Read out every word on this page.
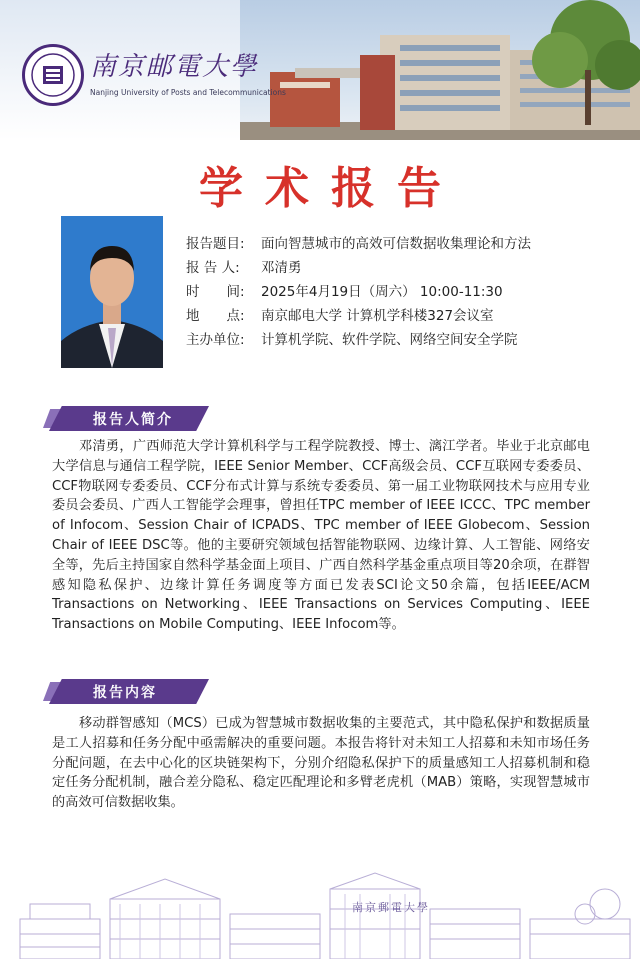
南京邮電大學
Nanjing University of Posts and Telecommunications
学术报告
报告题目:	面向智慧城市的高效可信数据收集理论和方法
报 告 人:	邓清勇
时　　间:	2025年4月19日（周六） 10:00-11:30
地　　点:	南京邮电大学 计算机学科楼327会议室
主办单位:	计算机学院、软件学院、网络空间安全学院
报告人简介
邓清勇，广西师范大学计算机科学与工程学院教授、博士、漓江学者。毕业于北京邮电大学信息与通信工程学院，IEEE Senior Member、CCF高级会员、CCF互联网专委委员、CCF物联网专委委员、CCF分布式计算与系统专委委员、第一届工业物联网技术与应用专业委员会委员、广西人工智能学会理事，曾担任TPC member of IEEE ICCC、TPC member of Infocom、Session Chair of ICPADS、TPC member of IEEE Globecom、Session Chair of IEEE DSC等。他的主要研究领域包括智能物联网、边缘计算、人工智能、网络安全等，先后主持国家自然科学基金面上项目、广西自然科学基金重点项目等20余项，在群智感知隐私保护、边缘计算任务调度等方面已发表SCI论文50余篇，包括IEEE/ACM Transactions on Networking、IEEE Transactions on Services Computing、IEEE Transactions on Mobile Computing、IEEE Infocom等。
报告内容
移动群智感知（MCS）已成为智慧城市数据收集的主要范式，其中隐私保护和数据质量是工人招募和任务分配中亟需解决的重要问题。本报告将针对未知工人招募和未知市场任务分配问题，在去中心化的区块链架构下，分别介绍隐私保护下的质量感知工人招募机制和稳定任务分配机制，融合差分隐私、稳定匹配理论和多臂老虎机（MAB）策略，实现智慧城市的高效可信数据收集。
南京郵電大學
